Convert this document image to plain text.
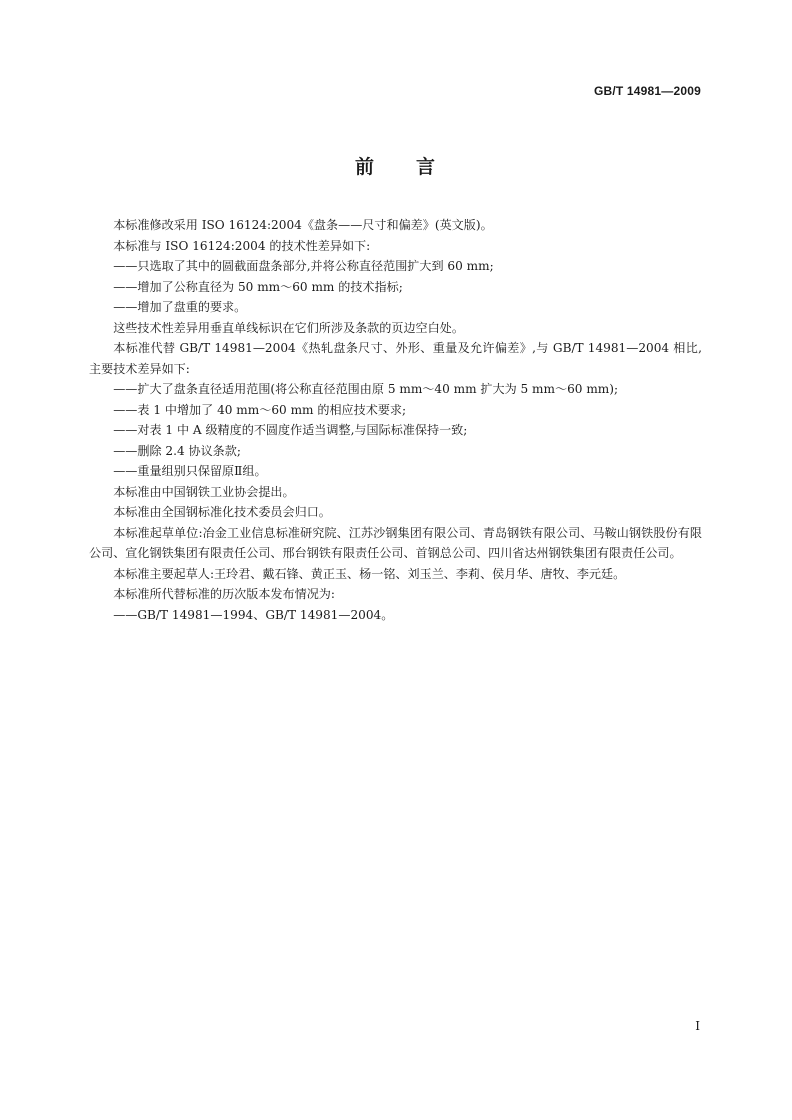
GB/T 14981—2009
前 言

本标准修改采用 ISO 16124:2004《盘条——尺寸和偏差》(英文版)。

本标准与 ISO 16124:2004 的技术性差异如下:

——只选取了其中的圆截面盘条部分,并将公称直径范围扩大到 60 mm;

——增加了公称直径为 50 mm～60 mm 的技术指标;

——增加了盘重的要求。

这些技术性差异用垂直单线标识在它们所涉及条款的页边空白处。

本标准代替 GB/T 14981—2004《热轧盘条尺寸、外形、重量及允许偏差》,与 GB/T 14981—2004 相比,主要技术差异如下:

——扩大了盘条直径适用范围(将公称直径范围由原 5 mm～40 mm 扩大为 5 mm～60 mm);

——表 1 中增加了 40 mm～60 mm 的相应技术要求;

——对表 1 中 A 级精度的不圆度作适当调整,与国际标准保持一致;

——删除 2.4 协议条款;

——重量组别只保留原Ⅱ组。

本标准由中国钢铁工业协会提出。

本标准由全国钢标准化技术委员会归口。

本标准起草单位:冶金工业信息标准研究院、江苏沙钢集团有限公司、青岛钢铁有限公司、马鞍山钢铁股份有限公司、宣化钢铁集团有限责任公司、邢台钢铁有限责任公司、首钢总公司、四川省达州钢铁集团有限责任公司。

本标准主要起草人:王玲君、戴石锋、黄正玉、杨一铭、刘玉兰、李莉、侯月华、唐牧、李元廷。

本标准所代替标准的历次版本发布情况为:

——GB/T 14981—1994、GB/T 14981—2004。

I
